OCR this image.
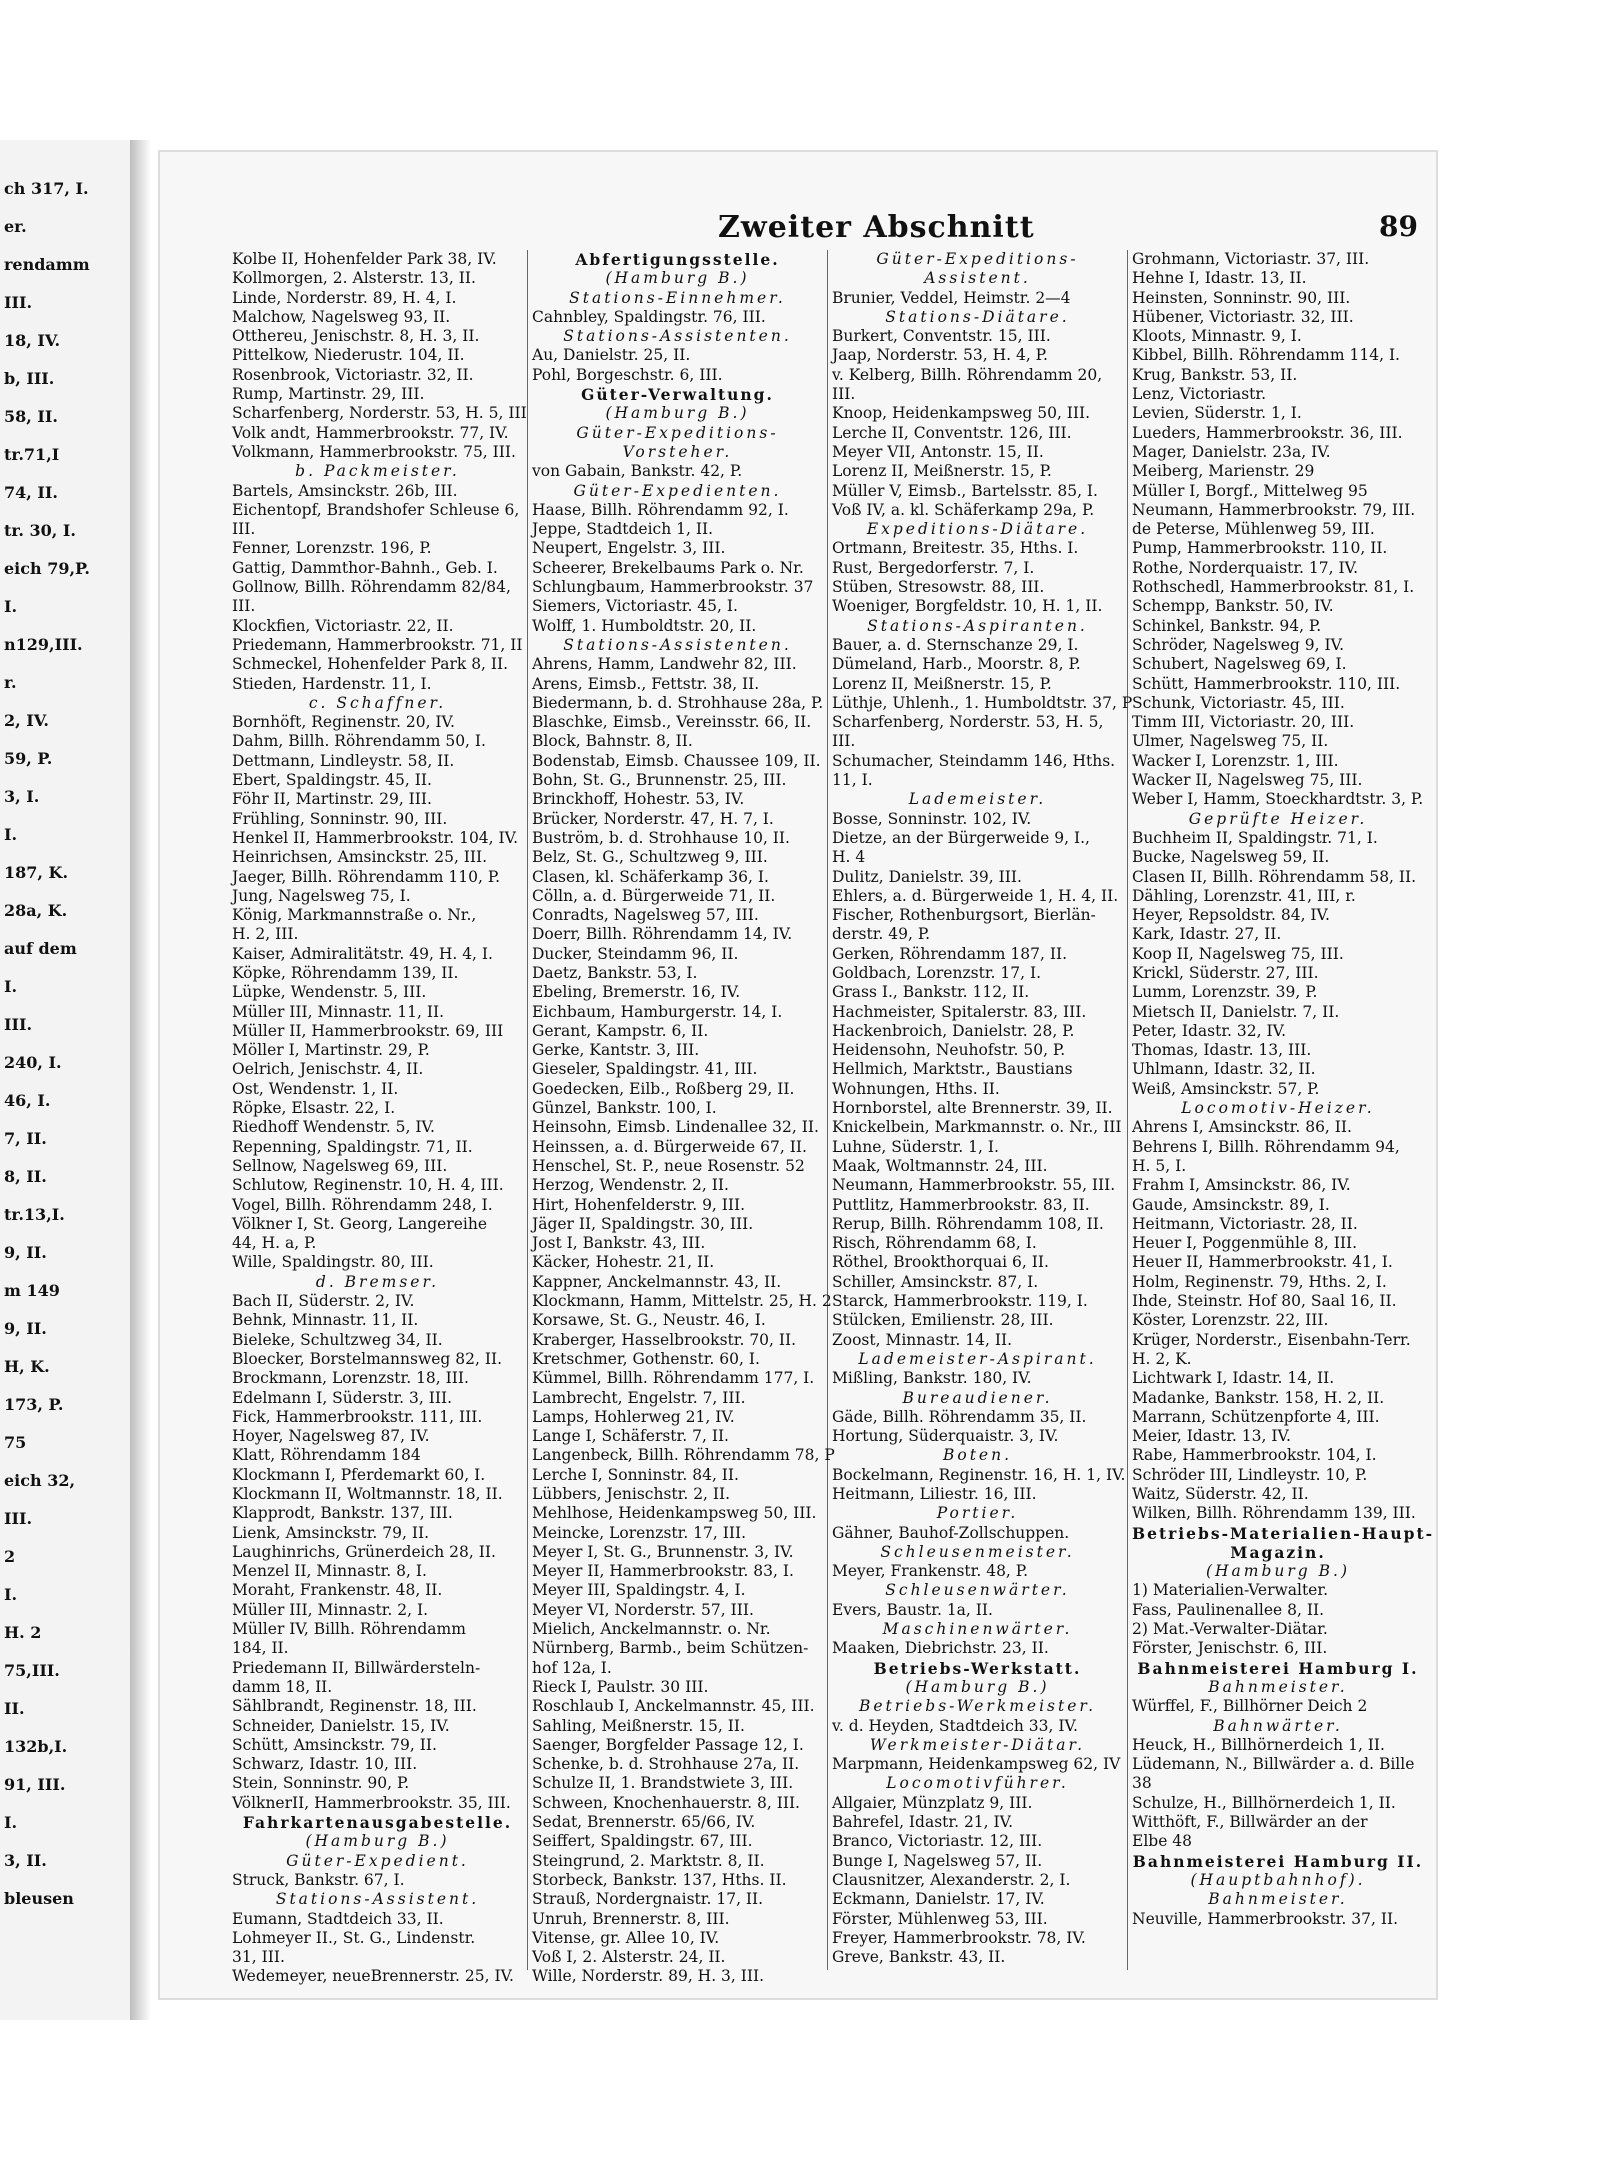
ch 317, I.
er.
rendamm
III.
18, IV.
b, III.
58, II.
tr.71,I
74, II.
tr. 30, I.
eich 79,P.
I.
n129,III.
r.
2, IV.
59, P.
3, I.
I.
187, K.
28a, K.
auf dem
I.
III.
240, I.
46, I.
7, II.
8, II.
tr.13,I.
9, II.
m 149
9, II.
H, K.
173, P.
75
eich 32,
III.
2
I.
H. 2
75,III.
II.
132b,I.
91, III.
I.
3, II.
bleusen
Zweiter Abschnitt	89
Kolbe II, Hohenfelder Park 38, IV.
Kollmorgen, 2. Alsterstr. 13, II.
Linde, Norderstr. 89, H. 4, I.
Malchow, Nagelsweg 93, II.
Otthereu, Jenischstr. 8, H. 3, II.
Pittelkow, Niederustr. 104, II.
Rosenbrook, Victoriastr. 32, II.
Rump, Martinstr. 29, III.
Scharfenberg, Norderstr. 53, H. 5, III
Volk andt, Hammerbrookstr. 77, IV.
Volkmann, Hammerbrookstr. 75, III.
b. Packmeister.
Bartels, Amsinckstr. 26b, III.
Eichentopf, Brandshofer Schleuse 6,
III.
Fenner, Lorenzstr. 196, P.
Gattig, Dammthor-Bahnh., Geb. I.
Gollnow, Billh. Röhrendamm 82/84,
III.
Klockfien, Victoriastr. 22, II.
Priedemann, Hammerbrookstr. 71, II
Schmeckel, Hohenfelder Park 8, II.
Stieden, Hardenstr. 11, I.
c. Schaffner.
Bornhöft, Reginenstr. 20, IV.
Dahm, Billh. Röhrendamm 50, I.
Dettmann, Lindleystr. 58, II.
Ebert, Spaldingstr. 45, II.
Föhr II, Martinstr. 29, III.
Frühling, Sonninstr. 90, III.
Henkel II, Hammerbrookstr. 104, IV.
Heinrichsen, Amsinckstr. 25, III.
Jaeger, Billh. Röhrendamm 110, P.
Jung, Nagelsweg 75, I.
König, Markmannstraße o. Nr.,
H. 2, III.
Kaiser, Admiralitätstr. 49, H. 4, I.
Köpke, Röhrendamm 139, II.
Lüpke, Wendenstr. 5, III.
Müller III, Minnastr. 11, II.
Müller II, Hammerbrookstr. 69, III
Möller I, Martinstr. 29, P.
Oelrich, Jenischstr. 4, II.
Ost, Wendenstr. 1, II.
Röpke, Elsastr. 22, I.
Riedhoff Wendenstr. 5, IV.
Repenning, Spaldingstr. 71, II.
Sellnow, Nagelsweg 69, III.
Schlutow, Reginenstr. 10, H. 4, III.
Vogel, Billh. Röhrendamm 248, I.
Völkner I, St. Georg, Langereihe
44, H. a, P.
Wille, Spaldingstr. 80, III.
d. Bremser.
Bach II, Süderstr. 2, IV.
Behnk, Minnastr. 11, II.
Bieleke, Schultzweg 34, II.
Bloecker, Borstelmannsweg 82, II.
Brockmann, Lorenzstr. 18, III.
Edelmann I, Süderstr. 3, III.
Fick, Hammerbrookstr. 111, III.
Hoyer, Nagelsweg 87, IV.
Klatt, Röhrendamm 184
Klockmann I, Pferdemarkt 60, I.
Klockmann II, Woltmannstr. 18, II.
Klapprodt, Bankstr. 137, III.
Lienk, Amsinckstr. 79, II.
Laughinrichs, Grünerdeich 28, II.
Menzel II, Minnastr. 8, I.
Moraht, Frankenstr. 48, II.
Müller III, Minnastr. 2, I.
Müller IV, Billh. Röhrendamm
184, II.
Priedemann II, Billwärdersteln-
damm 18, II.
Sählbrandt, Reginenstr. 18, III.
Schneider, Danielstr. 15, IV.
Schütt, Amsinckstr. 79, II.
Schwarz, Idastr. 10, III.
Stein, Sonninstr. 90, P.
VölknerII, Hammerbrookstr. 35, III.
Fahrkartenausgabestelle.
(Hamburg B.)
Güter-Expedient.
Struck, Bankstr. 67, I.
Stations-Assistent.
Eumann, Stadtdeich 33, II.
Lohmeyer II., St. G., Lindenstr.
31, III.
Wedemeyer, neueBrennerstr. 25, IV.
Abfertigungsstelle.
(Hamburg B.)
Stations-Einnehmer.
Cahnbley, Spaldingstr. 76, III.
Stations-Assistenten.
Au, Danielstr. 25, II.
Pohl, Borgeschstr. 6, III.
Güter-Verwaltung.
(Hamburg B.)
Güter-Expeditions-
Vorsteher.
von Gabain, Bankstr. 42, P.
Güter-Expedienten.
Haase, Billh. Röhrendamm 92, I.
Jeppe, Stadtdeich 1, II.
Neupert, Engelstr. 3, III.
Scheerer, Brekelbaums Park o. Nr.
Schlungbaum, Hammerbrookstr. 37
Siemers, Victoriastr. 45, I.
Wolff, 1. Humboldtstr. 20, II.
Stations-Assistenten.
Ahrens, Hamm, Landwehr 82, III.
Arens, Eimsb., Fettstr. 38, II.
Biedermann, b. d. Strohhause 28a, P.
Blaschke, Eimsb., Vereinsstr. 66, II.
Block, Bahnstr. 8, II.
Bodenstab, Eimsb. Chaussee 109, II.
Bohn, St. G., Brunnenstr. 25, III.
Brinckhoff, Hohestr. 53, IV.
Brücker, Norderstr. 47, H. 7, I.
Buström, b. d. Strohhause 10, II.
Belz, St. G., Schultzweg 9, III.
Clasen, kl. Schäferkamp 36, I.
Cölln, a. d. Bürgerweide 71, II.
Conradts, Nagelsweg 57, III.
Doerr, Billh. Röhrendamm 14, IV.
Ducker, Steindamm 96, II.
Daetz, Bankstr. 53, I.
Ebeling, Bremerstr. 16, IV.
Eichbaum, Hamburgerstr. 14, I.
Gerant, Kampstr. 6, II.
Gerke, Kantstr. 3, III.
Gieseler, Spaldingstr. 41, III.
Goedecken, Eilb., Roßberg 29, II.
Günzel, Bankstr. 100, I.
Heinsohn, Eimsb. Lindenallee 32, II.
Heinssen, a. d. Bürgerweide 67, II.
Henschel, St. P., neue Rosenstr. 52
Herzog, Wendenstr. 2, II.
Hirt, Hohenfelderstr. 9, III.
Jäger II, Spaldingstr. 30, III.
Jost I, Bankstr. 43, III.
Käcker, Hohestr. 21, II.
Kappner, Anckelmannstr. 43, II.
Klockmann, Hamm, Mittelstr. 25, H. 2
Korsawe, St. G., Neustr. 46, I.
Kraberger, Hasselbrookstr. 70, II.
Kretschmer, Gothenstr. 60, I.
Kümmel, Billh. Röhrendamm 177, I.
Lambrecht, Engelstr. 7, III.
Lamps, Hohlerweg 21, IV.
Lange I, Schäferstr. 7, II.
Langenbeck, Billh. Röhrendamm 78, P
Lerche I, Sonninstr. 84, II.
Lübbers, Jenischstr. 2, II.
Mehlhose, Heidenkampsweg 50, III.
Meincke, Lorenzstr. 17, III.
Meyer I, St. G., Brunnenstr. 3, IV.
Meyer II, Hammerbrookstr. 83, I.
Meyer III, Spaldingstr. 4, I.
Meyer VI, Norderstr. 57, III.
Mielich, Anckelmannstr. o. Nr.
Nürnberg, Barmb., beim Schützen-
hof 12a, I.
Rieck I, Paulstr. 30 III.
Roschlaub I, Anckelmannstr. 45, III.
Sahling, Meißnerstr. 15, II.
Saenger, Borgfelder Passage 12, I.
Schenke, b. d. Strohhause 27a, II.
Schulze II, 1. Brandstwiete 3, III.
Schween, Knochenhauerstr. 8, III.
Sedat, Brennerstr. 65/66, IV.
Seiffert, Spaldingstr. 67, III.
Steingrund, 2. Marktstr. 8, II.
Storbeck, Bankstr. 137, Hths. II.
Strauß, Nordergnaistr. 17, II.
Unruh, Brennerstr. 8, III.
Vitense, gr. Allee 10, IV.
Voß I, 2. Alsterstr. 24, II.
Wille, Norderstr. 89, H. 3, III.
Güter-Expeditions-
Assistent.
Brunier, Veddel, Heimstr. 2—4
Stations-Diätare.
Burkert, Conventstr. 15, III.
Jaap, Norderstr. 53, H. 4, P.
v. Kelberg, Billh. Röhrendamm 20,
III.
Knoop, Heidenkampsweg 50, III.
Lerche II, Conventstr. 126, III.
Meyer VII, Antonstr. 15, II.
Lorenz II, Meißnerstr. 15, P.
Müller V, Eimsb., Bartelsstr. 85, I.
Voß IV, a. kl. Schäferkamp 29a, P.
Expeditions-Diätare.
Ortmann, Breitestr. 35, Hths. I.
Rust, Bergedorferstr. 7, I.
Stüben, Stresowstr. 88, III.
Woeniger, Borgfeldstr. 10, H. 1, II.
Stations-Aspiranten.
Bauer, a. d. Sternschanze 29, I.
Dümeland, Harb., Moorstr. 8, P.
Lorenz II, Meißnerstr. 15, P.
Lüthje, Uhlenh., 1. Humboldtstr. 37, P
Scharfenberg, Norderstr. 53, H. 5,
III.
Schumacher, Steindamm 146, Hths.
11, I.
Lademeister.
Bosse, Sonninstr. 102, IV.
Dietze, an der Bürgerweide 9, I.,
H. 4
Dulitz, Danielstr. 39, III.
Ehlers, a. d. Bürgerweide 1, H. 4, II.
Fischer, Rothenburgsort, Bierlän-
derstr. 49, P.
Gerken, Röhrendamm 187, II.
Goldbach, Lorenzstr. 17, I.
Grass I., Bankstr. 112, II.
Hachmeister, Spitalerstr. 83, III.
Hackenbroich, Danielstr. 28, P.
Heidensohn, Neuhofstr. 50, P.
Hellmich, Marktstr., Baustians
Wohnungen, Hths. II.
Hornborstel, alte Brennerstr. 39, II.
Knickelbein, Markmannstr. o. Nr., III
Luhne, Süderstr. 1, I.
Maak, Woltmannstr. 24, III.
Neumann, Hammerbrookstr. 55, III.
Puttlitz, Hammerbrookstr. 83, II.
Rerup, Billh. Röhrendamm 108, II.
Risch, Röhrendamm 68, I.
Röthel, Brookthorquai 6, II.
Schiller, Amsinckstr. 87, I.
Starck, Hammerbrookstr. 119, I.
Stülcken, Emilienstr. 28, III.
Zoost, Minnastr. 14, II.
Lademeister-Aspirant.
Mißling, Bankstr. 180, IV.
Bureaudiener.
Gäde, Billh. Röhrendamm 35, II.
Hortung, Süderquaistr. 3, IV.
Boten.
Bockelmann, Reginenstr. 16, H. 1, IV.
Heitmann, Liliestr. 16, III.
Portier.
Gähner, Bauhof-Zollschuppen.
Schleusenmeister.
Meyer, Frankenstr. 48, P.
Schleusenwärter.
Evers, Baustr. 1a, II.
Maschinenwärter.
Maaken, Diebrichstr. 23, II.
Betriebs-Werkstatt.
(Hamburg B.)
Betriebs-Werkmeister.
v. d. Heyden, Stadtdeich 33, IV.
Werkmeister-Diätar.
Marpmann, Heidenkampsweg 62, IV
Locomotivführer.
Allgaier, Münzplatz 9, III.
Bahrefel, Idastr. 21, IV.
Branco, Victoriastr. 12, III.
Bunge I, Nagelsweg 57, II.
Clausnitzer, Alexanderstr. 2, I.
Eckmann, Danielstr. 17, IV.
Förster, Mühlenweg 53, III.
Freyer, Hammerbrookstr. 78, IV.
Greve, Bankstr. 43, II.
Grohmann, Victoriastr. 37, III.
Hehne I, Idastr. 13, II.
Heinsten, Sonninstr. 90, III.
Hübener, Victoriastr. 32, III.
Kloots, Minnastr. 9, I.
Kibbel, Billh. Röhrendamm 114, I.
Krug, Bankstr. 53, II.
Lenz, Victoriastr.
Levien, Süderstr. 1, I.
Lueders, Hammerbrookstr. 36, III.
Mager, Danielstr. 23a, IV.
Meiberg, Marienstr. 29
Müller I, Borgf., Mittelweg 95
Neumann, Hammerbrookstr. 79, III.
de Peterse, Mühlenweg 59, III.
Pump, Hammerbrookstr. 110, II.
Rothe, Norderquaistr. 17, IV.
Rothschedl, Hammerbrookstr. 81, I.
Schempp, Bankstr. 50, IV.
Schinkel, Bankstr. 94, P.
Schröder, Nagelsweg 9, IV.
Schubert, Nagelsweg 69, I.
Schütt, Hammerbrookstr. 110, III.
Schunk, Victoriastr. 45, III.
Timm III, Victoriastr. 20, III.
Ulmer, Nagelsweg 75, II.
Wacker I, Lorenzstr. 1, III.
Wacker II, Nagelsweg 75, III.
Weber I, Hamm, Stoeckhardtstr. 3, P.
Geprüfte Heizer.
Buchheim II, Spaldingstr. 71, I.
Bucke, Nagelsweg 59, II.
Clasen II, Billh. Röhrendamm 58, II.
Dähling, Lorenzstr. 41, III, r.
Heyer, Repsoldstr. 84, IV.
Kark, Idastr. 27, II.
Koop II, Nagelsweg 75, III.
Krickl, Süderstr. 27, III.
Lumm, Lorenzstr. 39, P.
Mietsch II, Danielstr. 7, II.
Peter, Idastr. 32, IV.
Thomas, Idastr. 13, III.
Uhlmann, Idastr. 32, II.
Weiß, Amsinckstr. 57, P.
Locomotiv-Heizer.
Ahrens I, Amsinckstr. 86, II.
Behrens I, Billh. Röhrendamm 94,
H. 5, I.
Frahm I, Amsinckstr. 86, IV.
Gaude, Amsinckstr. 89, I.
Heitmann, Victoriastr. 28, II.
Heuer I, Poggenmühle 8, III.
Heuer II, Hammerbrookstr. 41, I.
Holm, Reginenstr. 79, Hths. 2, I.
Ihde, Steinstr. Hof 80, Saal 16, II.
Köster, Lorenzstr. 22, III.
Krüger, Norderstr., Eisenbahn-Terr.
H. 2, K.
Lichtwark I, Idastr. 14, II.
Madanke, Bankstr. 158, H. 2, II.
Marrann, Schützenpforte 4, III.
Meier, Idastr. 13, IV.
Rabe, Hammerbrookstr. 104, I.
Schröder III, Lindleystr. 10, P.
Waitz, Süderstr. 42, II.
Wilken, Billh. Röhrendamm 139, III.
Betriebs-Materialien-Haupt-
Magazin.
(Hamburg B.)
1) Materialien-Verwalter.
Fass, Paulinenallee 8, II.
2) Mat.-Verwalter-Diätar.
Förster, Jenischstr. 6, III.
Bahnmeisterei Hamburg I.
Bahnmeister.
Würffel, F., Billhörner Deich 2
Bahnwärter.
Heuck, H., Billhörnerdeich 1, II.
Lüdemann, N., Billwärder a. d. Bille
38
Schulze, H., Billhörnerdeich 1, II.
Witthöft, F., Billwärder an der
Elbe 48
Bahnmeisterei Hamburg II.
(Hauptbahnhof).
Bahnmeister.
Neuville, Hammerbrookstr. 37, II.
